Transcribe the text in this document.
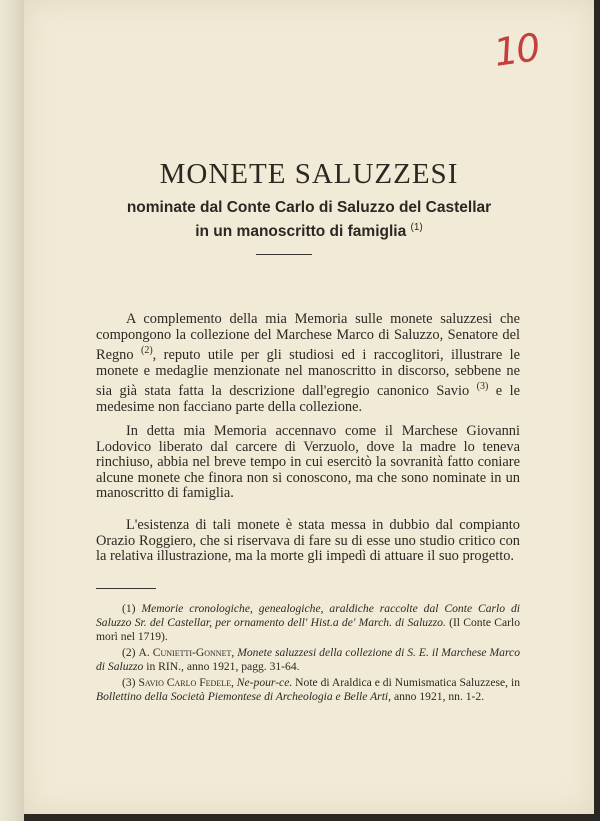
10
MONETE SALUZZESI
nominate dal Conte Carlo di Saluzzo del Castellar
in un manoscritto di famiglia $^{(1)}$

A complemento della mia Memoria sulle monete saluzzesi che compongono la collezione del Marchese Marco di Saluzzo, Senatore del Regno $^{(2)}$, reputo utile per gli studiosi ed i raccoglitori, illustrare le monete e medaglie menzionate nel manoscritto in discorso, sebbene ne sia già stata fatta la descrizione dall'egregio canonico Savio $^{(3)}$ e le medesime non facciano parte della collezione.

In detta mia Memoria accennavo come il Marchese Giovanni Lodovico liberato dal carcere di Verzuolo, dove la madre lo teneva rinchiuso, abbia nel breve tempo in cui esercitò la sovranità fatto coniare alcune monete che finora non si conoscono, ma che sono nominate in un manoscritto di famiglia.

L'esistenza di tali monete è stata messa in dubbio dal compianto Orazio Roggiero, che si riservava di fare su di esse uno studio critico con la relativa illustrazione, ma la morte gli impedì di attuare il suo progetto.

(1) Memorie cronologiche, genealogiche, araldiche raccolte dal Conte Carlo di Saluzzo Sr. del Castellar, per ornamento dell' Hist.a de' March. di Saluzzo. (Il Conte Carlo morì nel 1719).

(2) A. Cunietti-Gonnet, Monete saluzzesi della collezione di S. E. il Marchese Marco di Saluzzo in RIN., anno 1921, pagg. 31-64.

(3) Savio Carlo Fedele, Ne-pour-ce. Note di Araldica e di Numismatica Saluzzese, in Bollettino della Società Piemontese di Archeologia e Belle Arti, anno 1921, nn. 1-2.
